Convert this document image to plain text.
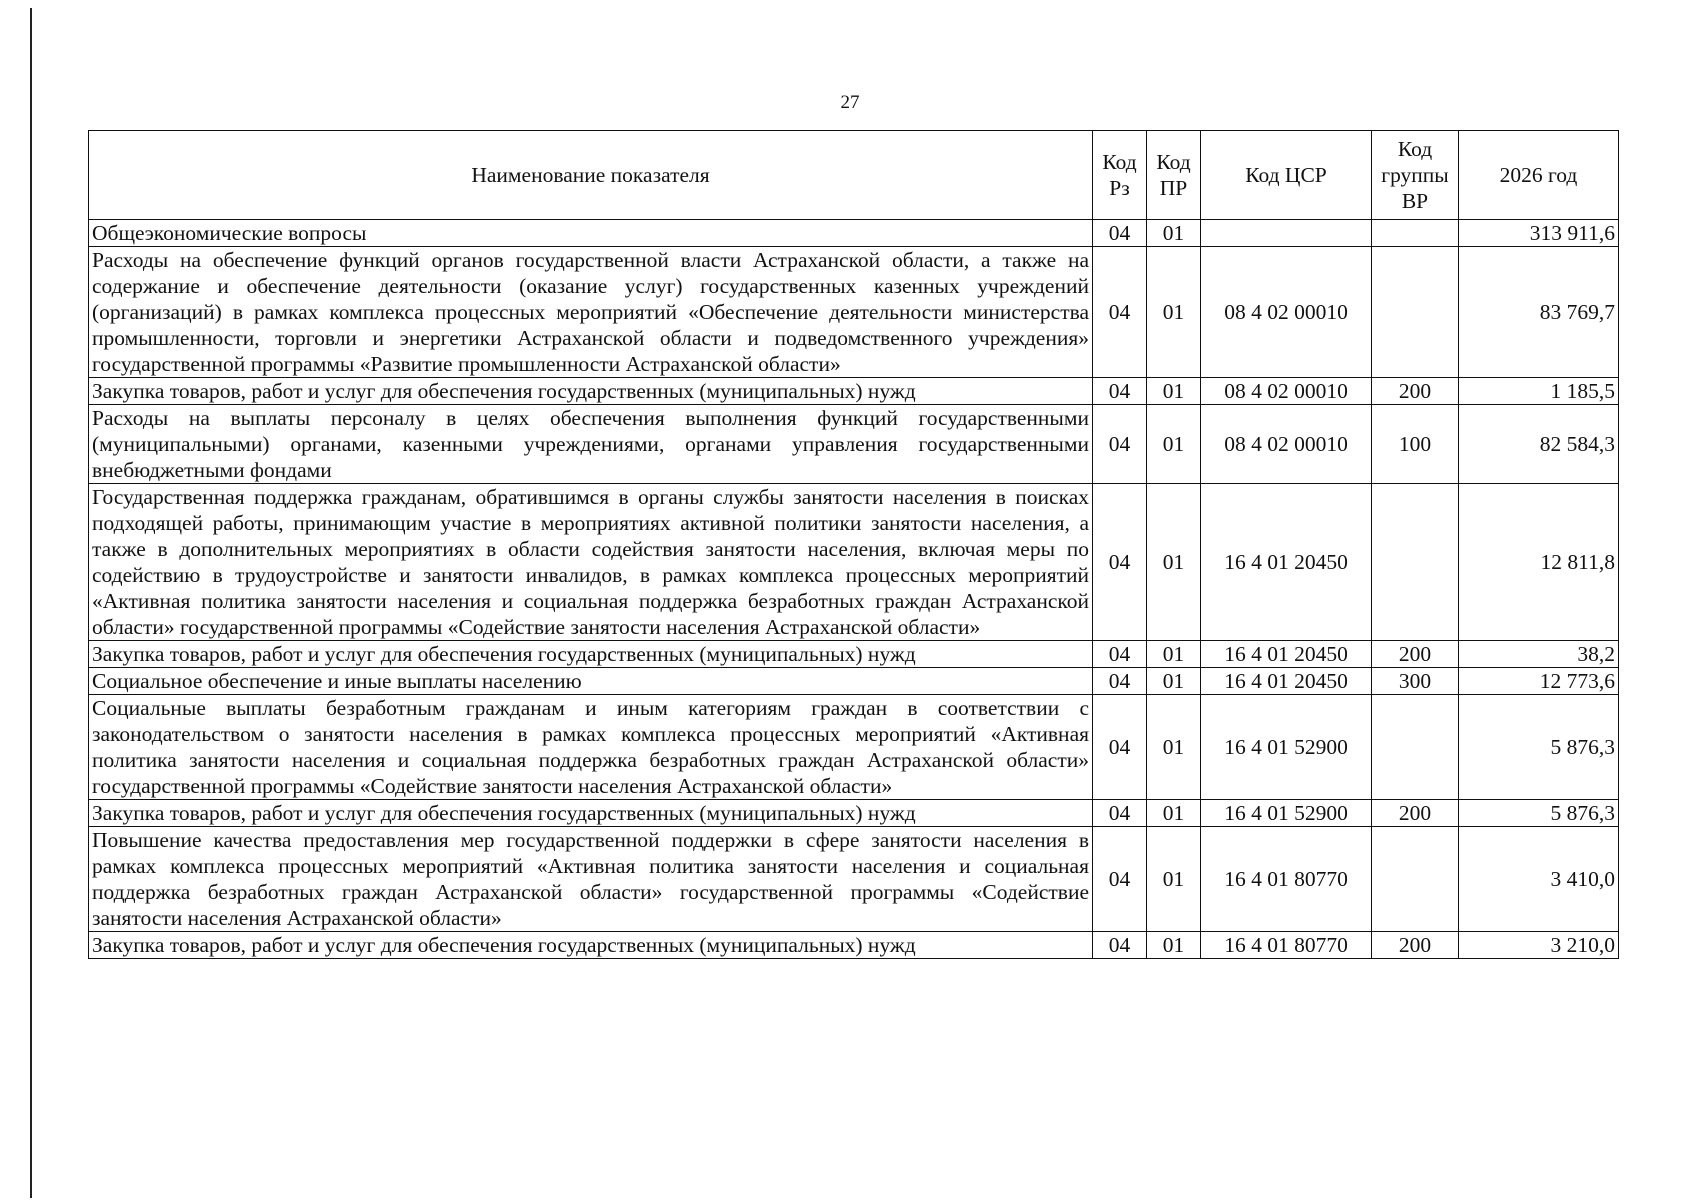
27
Наименование показателя	Код Рз	Код ПР	Код ЦСР	Код группы ВР	2026 год
Общеэкономические вопросы	04	01			313 911,6
Расходы на обеспечение функций органов государственной власти Астраханской области, а также на содержание и обеспечение деятельности (оказание услуг) государственных казенных учреждений (организаций) в рамках комплекса процессных мероприятий «Обеспечение деятельности министерства промышленности, торговли и энергетики Астраханской области и подведомственного учреждения» государственной программы «Развитие промышленности Астраханской области»	04	01	08 4 02 00010		83 769,7
Закупка товаров, работ и услуг для обеспечения государственных (муниципальных) нужд	04	01	08 4 02 00010	200	1 185,5
Расходы на выплаты персоналу в целях обеспечения выполнения функций государственными (муниципальными) органами, казенными учреждениями, органами управления государственными внебюджетными фондами	04	01	08 4 02 00010	100	82 584,3
Государственная поддержка гражданам, обратившимся в органы службы занятости населения в поисках подходящей работы, принимающим участие в мероприятиях активной политики занятости населения, а также в дополнительных мероприятиях в области содействия занятости населения, включая меры по содействию в трудоустройстве и занятости инвалидов, в рамках комплекса процессных мероприятий «Активная политика занятости населения и социальная поддержка безработных граждан Астраханской области» государственной программы «Содействие занятости населения Астраханской области»	04	01	16 4 01 20450		12 811,8
Закупка товаров, работ и услуг для обеспечения государственных (муниципальных) нужд	04	01	16 4 01 20450	200	38,2
Социальное обеспечение и иные выплаты населению	04	01	16 4 01 20450	300	12 773,6
Социальные выплаты безработным гражданам и иным категориям граждан в соответствии с законодательством о занятости населения в рамках комплекса процессных мероприятий «Активная политика занятости населения и социальная поддержка безработных граждан Астраханской области» государственной программы «Содействие занятости населения Астраханской области»	04	01	16 4 01 52900		5 876,3
Закупка товаров, работ и услуг для обеспечения государственных (муниципальных) нужд	04	01	16 4 01 52900	200	5 876,3
Повышение качества предоставления мер государственной поддержки в сфере занятости населения в рамках комплекса процессных мероприятий «Активная политика занятости населения и социальная поддержка безработных граждан Астраханской области» государственной программы «Содействие занятости населения Астраханской области»	04	01	16 4 01 80770		3 410,0
Закупка товаров, работ и услуг для обеспечения государственных (муниципальных) нужд	04	01	16 4 01 80770	200	3 210,0
